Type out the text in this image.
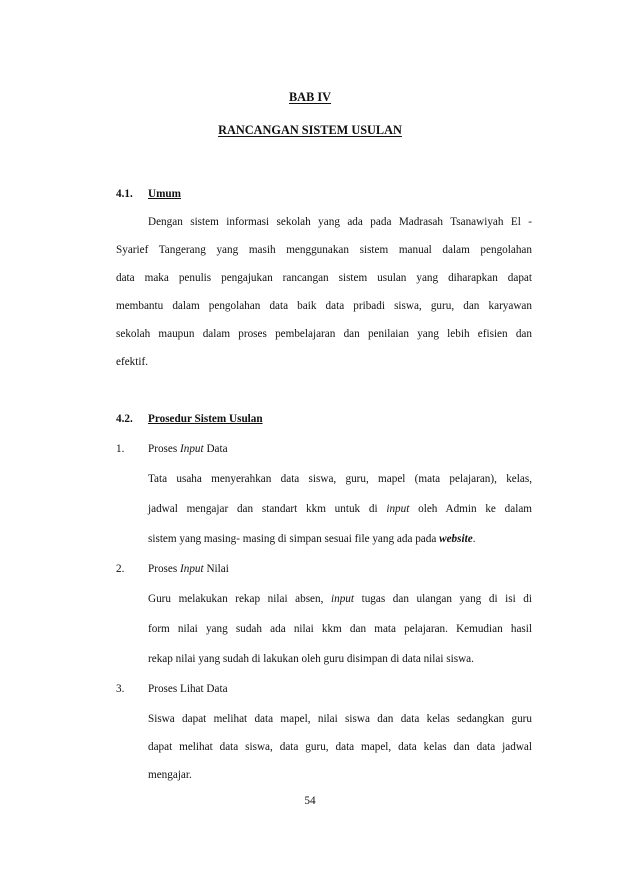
BAB IV
RANCANGAN SISTEM USULAN
4.1. Umum
Dengan sistem informasi sekolah yang ada pada Madrasah Tsanawiyah El -
Syarief Tangerang yang masih menggunakan sistem manual dalam pengolahan
data maka penulis pengajukan rancangan sistem usulan yang diharapkan dapat
membantu dalam pengolahan data baik data pribadi siswa, guru, dan karyawan
sekolah maupun dalam proses pembelajaran dan penilaian yang lebih efisien dan
efektif.
4.2. Prosedur Sistem Usulan
1. Proses Input Data
Tata usaha menyerahkan data siswa, guru, mapel (mata pelajaran), kelas,
jadwal mengajar dan standart kkm untuk di input oleh Admin ke dalam
sistem yang masing- masing di simpan sesuai file yang ada pada website.
2. Proses Input Nilai
Guru melakukan rekap nilai absen, input tugas dan ulangan yang di isi di
form nilai yang sudah ada nilai kkm dan mata pelajaran. Kemudian hasil
rekap nilai yang sudah di lakukan oleh guru disimpan di data nilai siswa.
3. Proses Lihat Data
Siswa dapat melihat data mapel, nilai siswa dan data kelas sedangkan guru
dapat melihat data siswa, data guru, data mapel, data kelas dan data jadwal
mengajar.
54
